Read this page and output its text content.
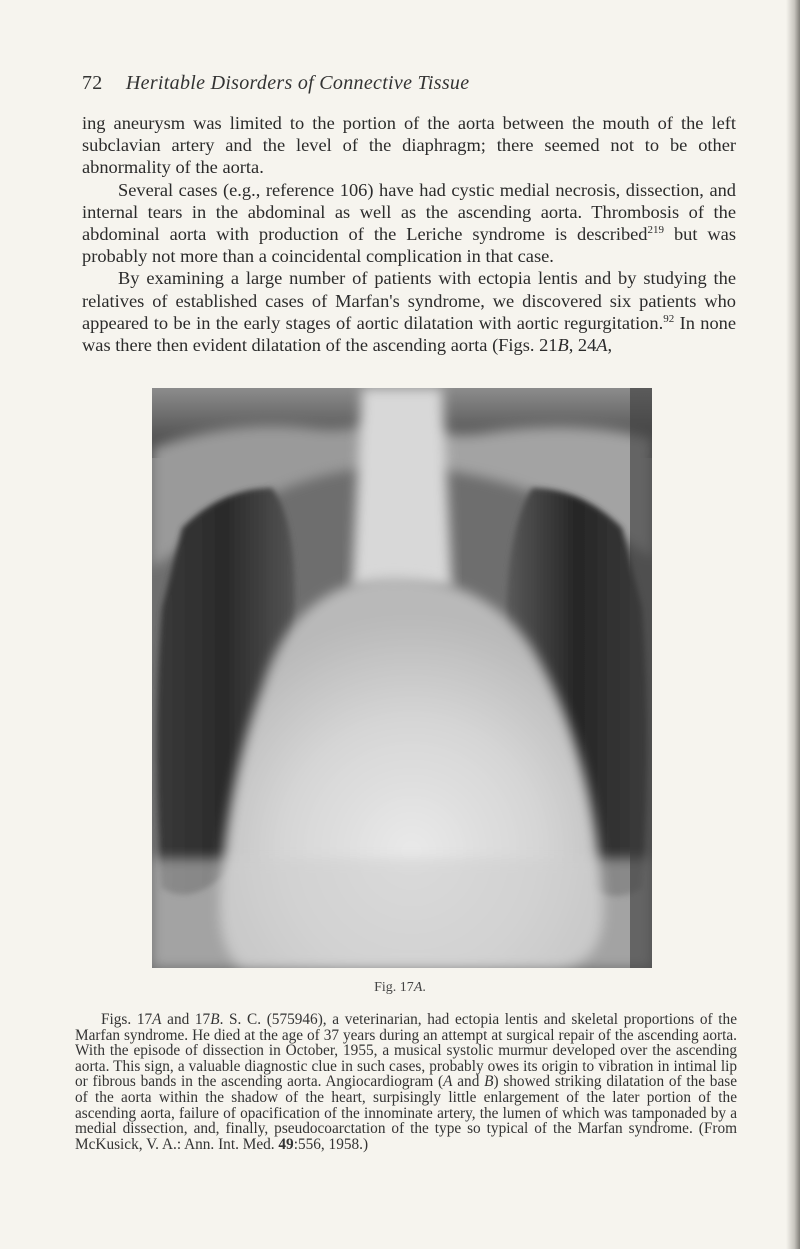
72 Heritable Disorders of Connective Tissue

ing aneurysm was limited to the portion of the aorta between the mouth of the left subclavian artery and the level of the diaphragm; there seemed not to be other abnormality of the aorta.

Several cases (e.g., reference 106) have had cystic medial necrosis, dissection, and internal tears in the abdominal as well as the ascending aorta. Thrombosis of the abdominal aorta with production of the Leriche syndrome is described$^{219}$ but was probably not more than a coincidental complication in that case.

By examining a large number of patients with ectopia lentis and by studying the relatives of established cases of Marfan's syndrome, we discovered six patients who appeared to be in the early stages of aortic dilatation with aortic regurgitation.$^{92}$ In none was there then evident dilatation of the ascending aorta (Figs. 21B, 24A,

Fig. 17A.

Figs. 17A and 17B. S. C. (575946), a veterinarian, had ectopia lentis and skeletal proportions of the Marfan syndrome. He died at the age of 37 years during an attempt at surgical repair of the ascending aorta. With the episode of dissection in October, 1955, a musical systolic murmur developed over the ascending aorta. This sign, a valuable diagnostic clue in such cases, probably owes its origin to vibration in intimal lip or fibrous bands in the ascending aorta. Angiocardiogram (A and B) showed striking dilatation of the base of the aorta within the shadow of the heart, surpisingly little enlargement of the later portion of the ascending aorta, failure of opacification of the innominate artery, the lumen of which was tamponaded by a medial dissection, and, finally, pseudocoarctation of the type so typical of the Marfan syndrome. (From McKusick, V. A.: Ann. Int. Med. 49:556, 1958.)
